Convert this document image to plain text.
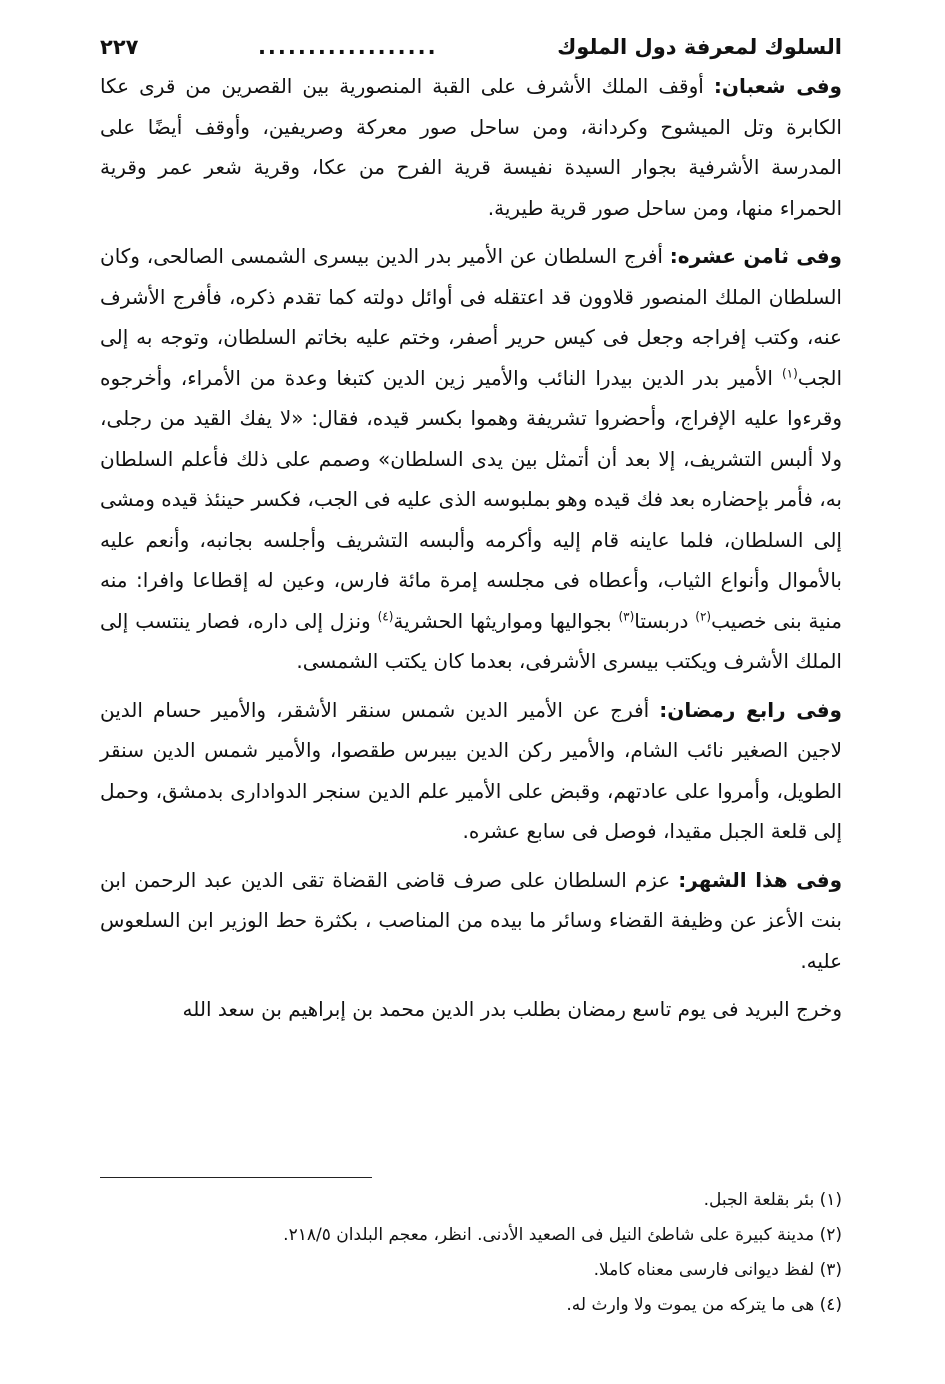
السلوك لمعرفة دول الملوك
..................
٢٢٧

وفى شعبان: أوقف الملك الأشرف على القبة المنصورية بين القصرين من قرى عكا الكابرة وتل الميشوح وكردانة، ومن ساحل صور معركة وصريفين، وأوقف أيضًا على المدرسة الأشرفية بجوار السيدة نفيسة قرية الفرح من عكا، وقرية شعر عمر وقرية الحمراء منها، ومن ساحل صور قرية طيرية.

وفى ثامن عشره: أفرج السلطان عن الأمير بدر الدين بيسرى الشمسى الصالحى، وكان السلطان الملك المنصور قلاوون قد اعتقله فى أوائل دولته كما تقدم ذكره، فأفرج الأشرف عنه، وكتب إفراجه وجعل فى كيس حرير أصفر، وختم عليه بخاتم السلطان، وتوجه به إلى الجب$^{(١)}$ الأمير بدر الدين بيدرا النائب والأمير زين الدين كتبغا وعدة من الأمراء، وأخرجوه وقرءوا عليه الإفراج، وأحضروا تشريفة وهموا بكسر قيده، فقال: «لا يفك القيد من رجلى، ولا ألبس التشريف، إلا بعد أن أتمثل بين يدى السلطان» وصمم على ذلك فأعلم السلطان به، فأمر بإحضاره بعد فك قيده وهو بملبوسه الذى عليه فى الجب، فكسر حينئذ قيده ومشى إلى السلطان، فلما عاينه قام إليه وأكرمه وألبسه التشريف وأجلسه بجانبه، وأنعم عليه بالأموال وأنواع الثياب، وأعطاه فى مجلسه إمرة مائة فارس، وعين له إقطاعا وافرا: منه منية بنى خصيب$^{(٢)}$ دربستا$^{(٣)}$ بجواليها ومواريثها الحشرية$^{(٤)}$ ونزل إلى داره، فصار ينتسب إلى الملك الأشرف ويكتب بيسرى الأشرفى، بعدما كان يكتب الشمسى.

وفى رابع رمضان: أفرج عن الأمير الدين شمس سنقر الأشقر، والأمير حسام الدين لاجين الصغير نائب الشام، والأمير ركن الدين بيبرس طقصوا، والأمير شمس الدين سنقر الطويل، وأمروا على عادتهم، وقبض على الأمير علم الدين سنجر الدوادارى بدمشق، وحمل إلى قلعة الجبل مقيدا، فوصل فى سابع عشره.

وفى هذا الشهر: عزم السلطان على صرف قاضى القضاة تقى الدين عبد الرحمن ابن بنت الأعز عن وظيفة القضاء وسائر ما بيده من المناصب ، بكثرة حط الوزير ابن السلعوس عليه.

وخرج البريد فى يوم تاسع رمضان بطلب بدر الدين محمد بن إبراهيم بن سعد الله

(١) بئر بقلعة الجبل.

(٢) مدينة كبيرة على شاطئ النيل فى الصعيد الأدنى. انظر، معجم البلدان ٢١٨/٥.

(٣) لفظ ديوانى فارسى معناه كاملا.

(٤) هى ما يتركه من يموت ولا وارث له.
